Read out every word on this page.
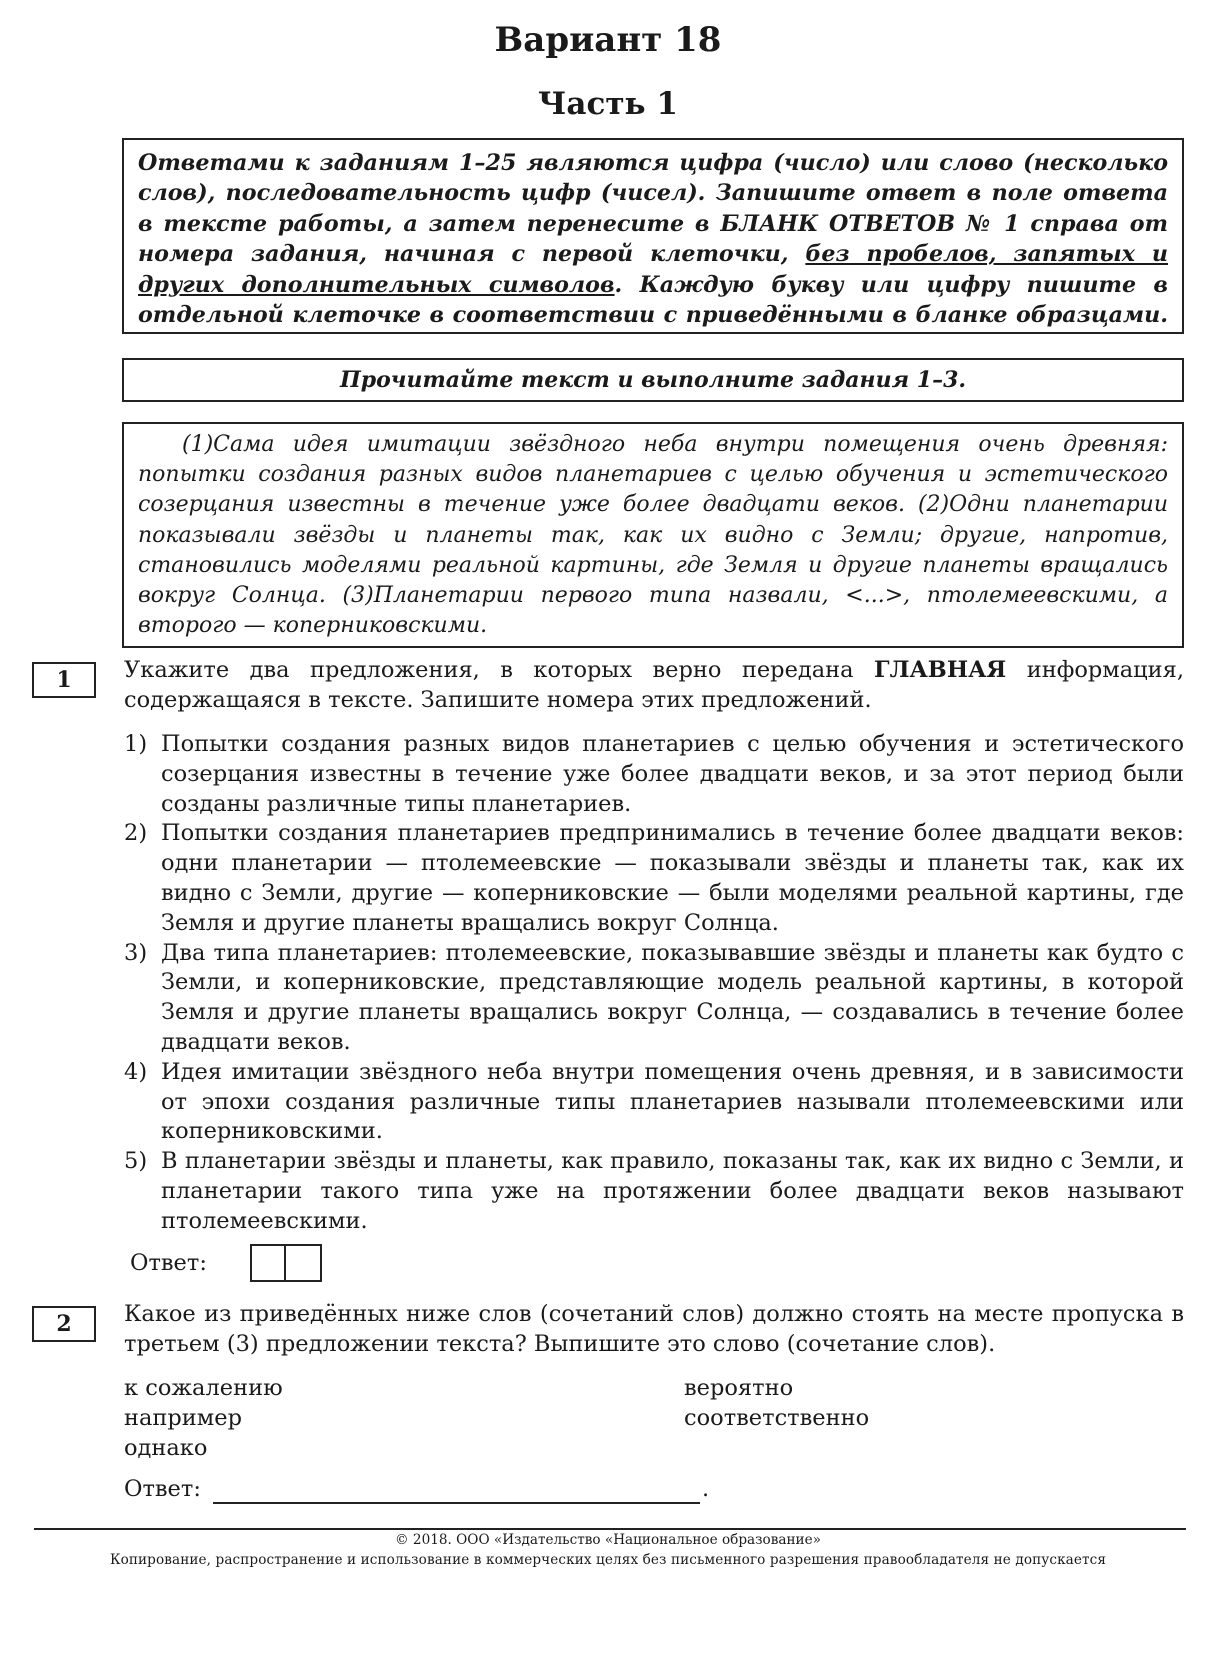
Вариант 18
Часть 1

Ответами к заданиям 1–25 являются цифра (число) или слово (несколько слов), последовательность цифр (чисел). Запишите ответ в поле ответа в тексте работы, а затем перенесите в БЛАНК ОТВЕТОВ № 1 справа от номера задания, начиная с первой клеточки, без пробелов, запятых и других дополнительных символов. Каждую букву или цифру пишите в отдельной клеточке в соответствии с приведёнными в бланке образцами.

Прочитайте текст и выполните задания 1–3.

(1)Сама идея имитации звёздного неба внутри помещения очень древняя: попытки создания разных видов планетариев с целью обучения и эстетического созерцания известны в течение уже более двадцати веков. (2)Одни планетарии показывали звёзды и планеты так, как их видно с Земли; другие, напротив, становились моделями реальной картины, где Земля и другие планеты вращались вокруг Солнца. (3)Планетарии первого типа назвали, <...>, птолемеевскими, а второго — коперниковскими.

1	Укажите два предложения, в которых верно передана ГЛАВНАЯ информация, содержащаяся в тексте. Запишите номера этих предложений.
1) Попытки создания разных видов планетариев с целью обучения и эстетического созерцания известны в течение уже более двадцати веков, и за этот период были созданы различные типы планетариев.
2) Попытки создания планетариев предпринимались в течение более двадцати веков: одни планетарии — птолемеевские — показывали звёзды и планеты так, как их видно с Земли, другие — коперниковские — были моделями реальной картины, где Земля и другие планеты вращались вокруг Солнца.
3) Два типа планетариев: птолемеевские, показывавшие звёзды и планеты как будто с Земли, и коперниковские, представляющие модель реальной картины, в которой Земля и другие планеты вращались вокруг Солнца, — создавались в течение более двадцати веков.
4) Идея имитации звёздного неба внутри помещения очень древняя, и в зависимости от эпохи создания различные типы планетариев называли птолемеевскими или коперниковскими.
5) В планетарии звёзды и планеты, как правило, показаны так, как их видно с Земли, и планетарии такого типа уже на протяжении более двадцати веков называют птолемеевскими.
Ответ:
2	Какое из приведённых ниже слов (сочетаний слов) должно стоять на месте пропуска в третьем (3) предложении текста? Выпишите это слово (сочетание слов).
к сожалению
например
однако
вероятно
соответственно
Ответ:	.
© 2018. ООО «Издательство «Национальное образование»
Копирование, распространение и использование в коммерческих целях без письменного разрешения правообладателя не допускается
